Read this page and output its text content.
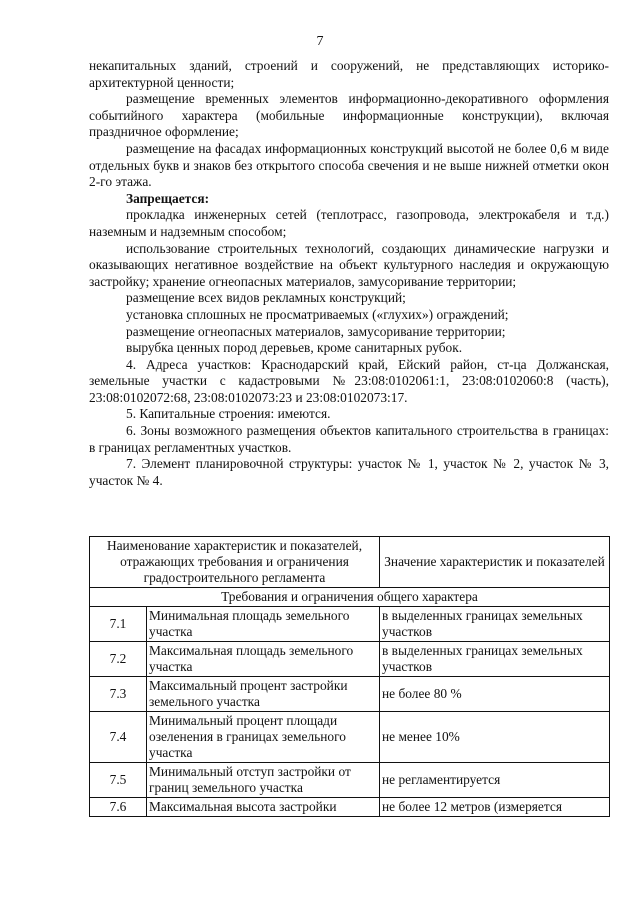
7

некапитальных зданий, строений и сооружений, не представляющих историко-архитектурной ценности;

размещение временных элементов информационно-декоративного оформления событийного характера (мобильные информационные конструкции), включая праздничное оформление;

размещение на фасадах информационных конструкций высотой не более 0,6 м виде отдельных букв и знаков без открытого способа свечения и не выше нижней отметки окон 2-го этажа.

Запрещается:

прокладка инженерных сетей (теплотрасс, газопровода, электрокабеля и т.д.) наземным и надземным способом;

использование строительных технологий, создающих динамические нагрузки и оказывающих негативное воздействие на объект культурного наследия и окружающую застройку; хранение огнеопасных материалов, замусоривание территории;

размещение всех видов рекламных конструкций;

установка сплошных не просматриваемых («глухих») ограждений;

размещение огнеопасных материалов, замусоривание территории;

вырубка ценных пород деревьев, кроме санитарных рубок.

4. Адреса участков: Краснодарский край, Ейский район, ст-ца Должанская, земельные участки с кадастровыми №23:08:0102061:1, 23:08:0102060:8 (часть), 23:08:0102072:68, 23:08:0102073:23 и 23:08:0102073:17.

5. Капитальные строения: имеются.

6. Зоны возможного размещения объектов капитального строительства в границах: в границах регламентных участков.

7. Элемент планировочной структуры: участок № 1, участок № 2, участок № 3, участок № 4.

Наименование характеристик и показателей, отражающих требования и ограничения градостроительного регламента		Значение характеристик и показателей
Требования и ограничения общего характера		
7.1	Минимальная площадь земельного участка	в выделенных границах земельных участков
7.2	Максимальная площадь земельного участка	в выделенных границах земельных участков
7.3	Максимальный процент застройки земельного участка	не более 80 %
7.4	Минимальный процент площади озеленения в границах земельного участка	не менее 10%
7.5	Минимальный отступ застройки от границ земельного участка	не регламентируется
7.6	Максимальная высота застройки	не более 12 метров (измеряется
